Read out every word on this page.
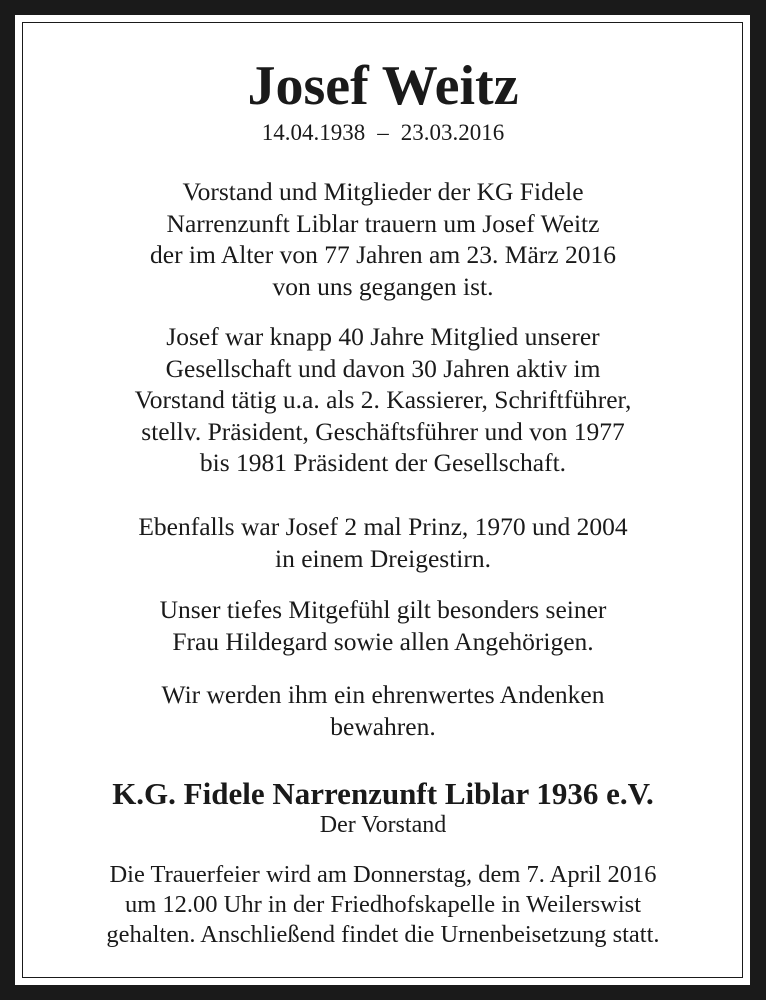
Josef Weitz
14.04.1938 – 23.03.2016
Vorstand und Mitglieder der KG Fidele
Narrenzunft Liblar trauern um Josef Weitz
der im Alter von 77 Jahren am 23. März 2016
von uns gegangen ist.
Josef war knapp 40 Jahre Mitglied unserer
Gesellschaft und davon 30 Jahren aktiv im
Vorstand tätig u.a. als 2. Kassierer, Schriftführer,
stellv. Präsident, Geschäftsführer und von 1977
bis 1981 Präsident der Gesellschaft.
Ebenfalls war Josef 2 mal Prinz, 1970 und 2004
in einem Dreigestirn.
Unser tiefes Mitgefühl gilt besonders seiner
Frau Hildegard sowie allen Angehörigen.
Wir werden ihm ein ehrenwertes Andenken
bewahren.
K.G. Fidele Narrenzunft Liblar 1936 e.V.
Der Vorstand
Die Trauerfeier wird am Donnerstag, dem 7. April 2016
um 12.00 Uhr in der Friedhofskapelle in Weilerswist
gehalten. Anschließend findet die Urnenbeisetzung statt.
